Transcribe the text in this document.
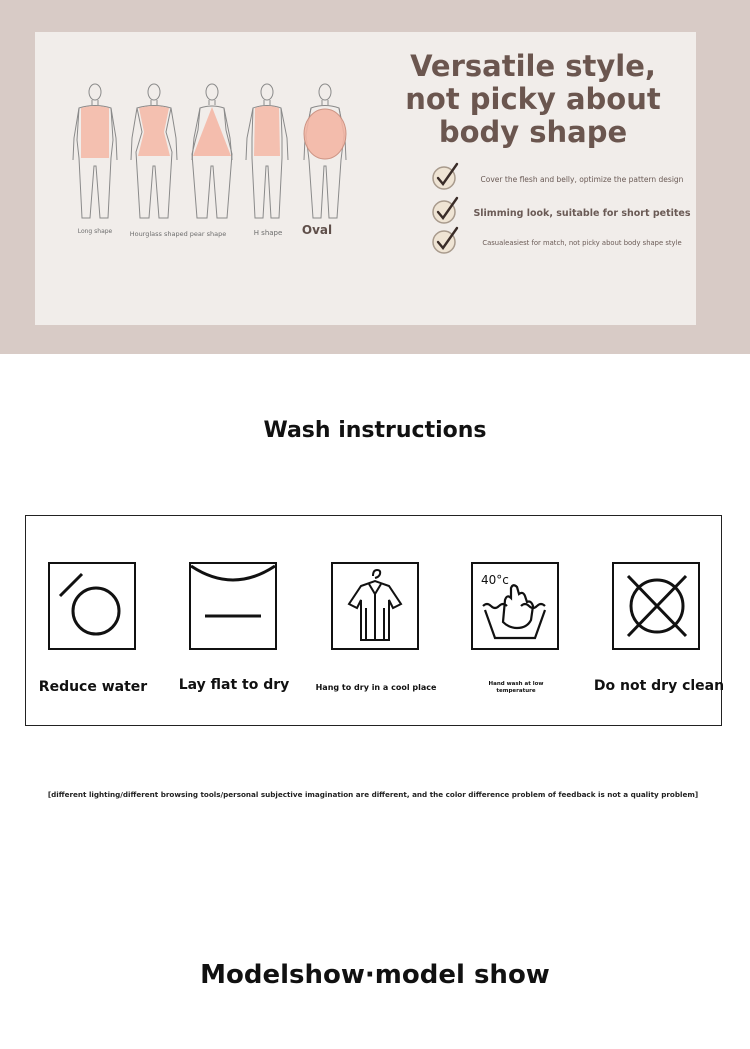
Long shape	Hourglass shaped pear shape	H shape	Oval
Versatile style, not picky about body shape
Cover the flesh and belly, optimize the pattern design
Slimming look, suitable for short petites
Casualeasiest for match, not picky about body shape style
Wash instructions
Reduce water	Lay flat to dry	Hang to dry in a cool place
40°c
Hand wash at low temperature	Do not dry clean
[different lighting/different browsing tools/personal subjective imagination are different, and the color difference problem of feedback is not a quality problem]
Modelshow·model show
